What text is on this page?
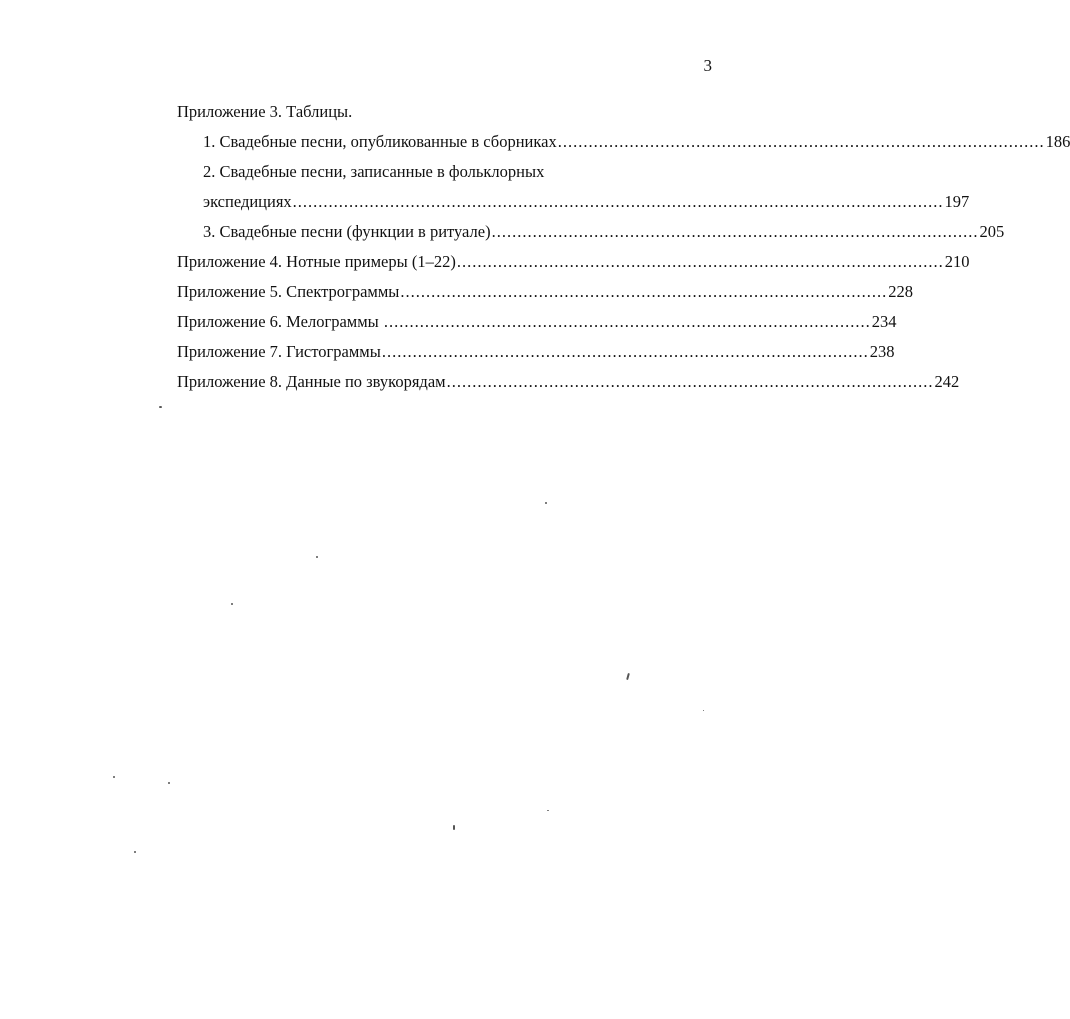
3
Приложение 3. Таблицы.
1. Свадебные песни, опубликованные в сборниках ............................................................................................... 186
2. Свадебные песни, записанные в фольклорных
экспедициях ............................................................................................................................... 197
3. Свадебные песни (функции в ритуале) ............................................................................................... 205
Приложение 4. Нотные примеры (1–22) ............................................................................................... 210
Приложение 5. Спектрограммы ............................................................................................... 228
Приложение 6. Мелограммы ............................................................................................... 234
Приложение 7. Гистограммы ............................................................................................... 238
Приложение 8. Данные по звукорядам ............................................................................................... 242
